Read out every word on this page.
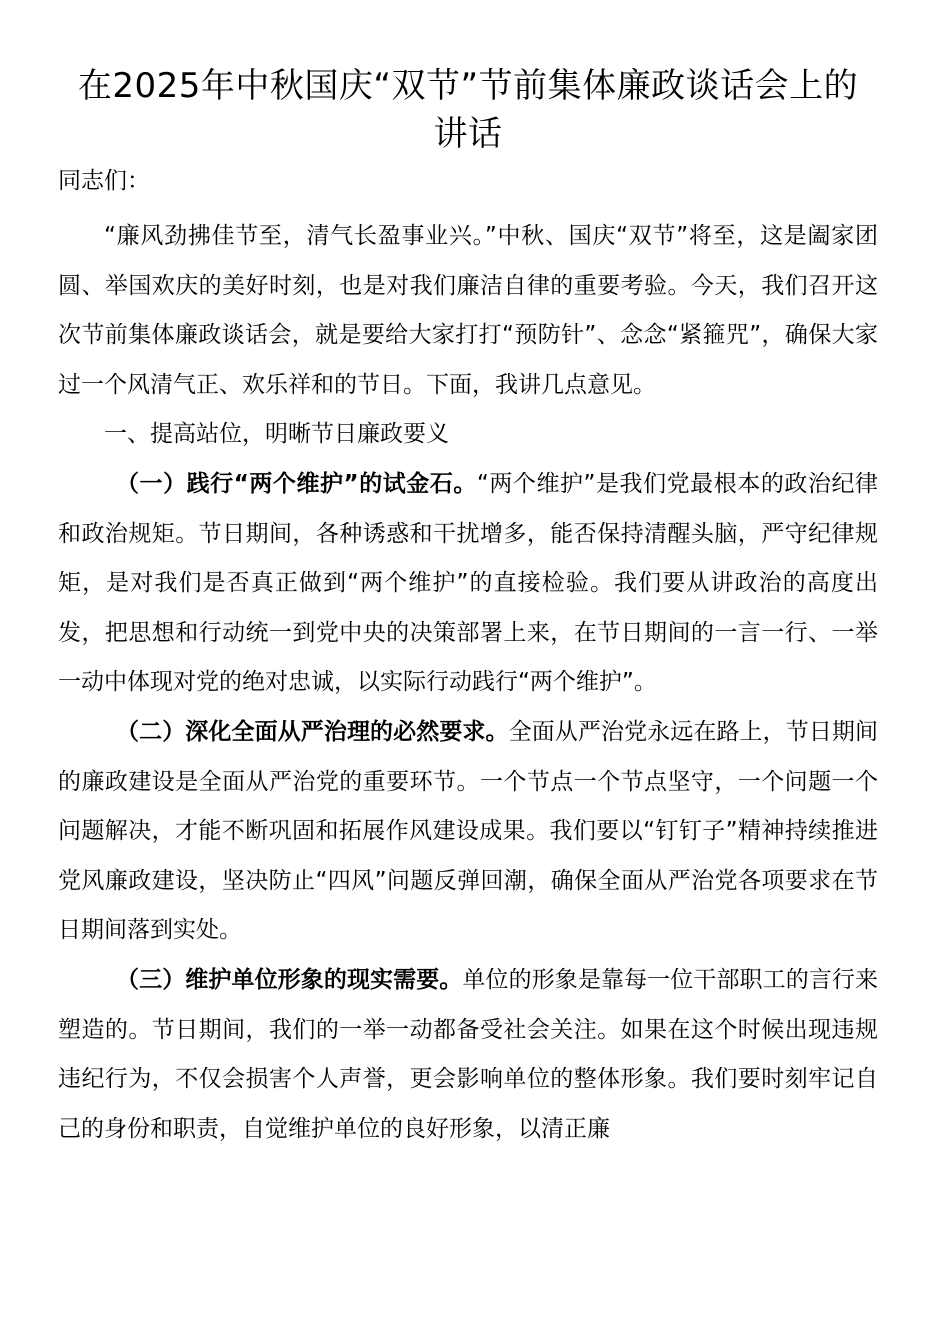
在2025年中秋国庆“双节”节前集体廉政谈话会上的讲话

同志们：

“廉风劲拂佳节至，清气长盈事业兴。”中秋、国庆“双节”将至，这是阖家团圆、举国欢庆的美好时刻，也是对我们廉洁自律的重要考验。今天，我们召开这次节前集体廉政谈话会，就是要给大家打打“预防针”、念念“紧箍咒”，确保大家过一个风清气正、欢乐祥和的节日。下面，我讲几点意见。

一、提高站位，明晰节日廉政要义

（一）践行“两个维护”的试金石。“两个维护”是我们党最根本的政治纪律和政治规矩。节日期间，各种诱惑和干扰增多，能否保持清醒头脑，严守纪律规矩，是对我们是否真正做到“两个维护”的直接检验。我们要从讲政治的高度出发，把思想和行动统一到党中央的决策部署上来，在节日期间的一言一行、一举一动中体现对党的绝对忠诚，以实际行动践行“两个维护”。

（二）深化全面从严治理的必然要求。全面从严治党永远在路上，节日期间的廉政建设是全面从严治党的重要环节。一个节点一个节点坚守，一个问题一个问题解决，才能不断巩固和拓展作风建设成果。我们要以“钉钉子”精神持续推进党风廉政建设，坚决防止“四风”问题反弹回潮，确保全面从严治党各项要求在节日期间落到实处。

（三）维护单位形象的现实需要。单位的形象是靠每一位干部职工的言行来塑造的。节日期间，我们的一举一动都备受社会关注。如果在这个时候出现违规违纪行为，不仅会损害个人声誉，更会影响单位的整体形象。我们要时刻牢记自己的身份和职责，自觉维护单位的良好形象，以清正廉
